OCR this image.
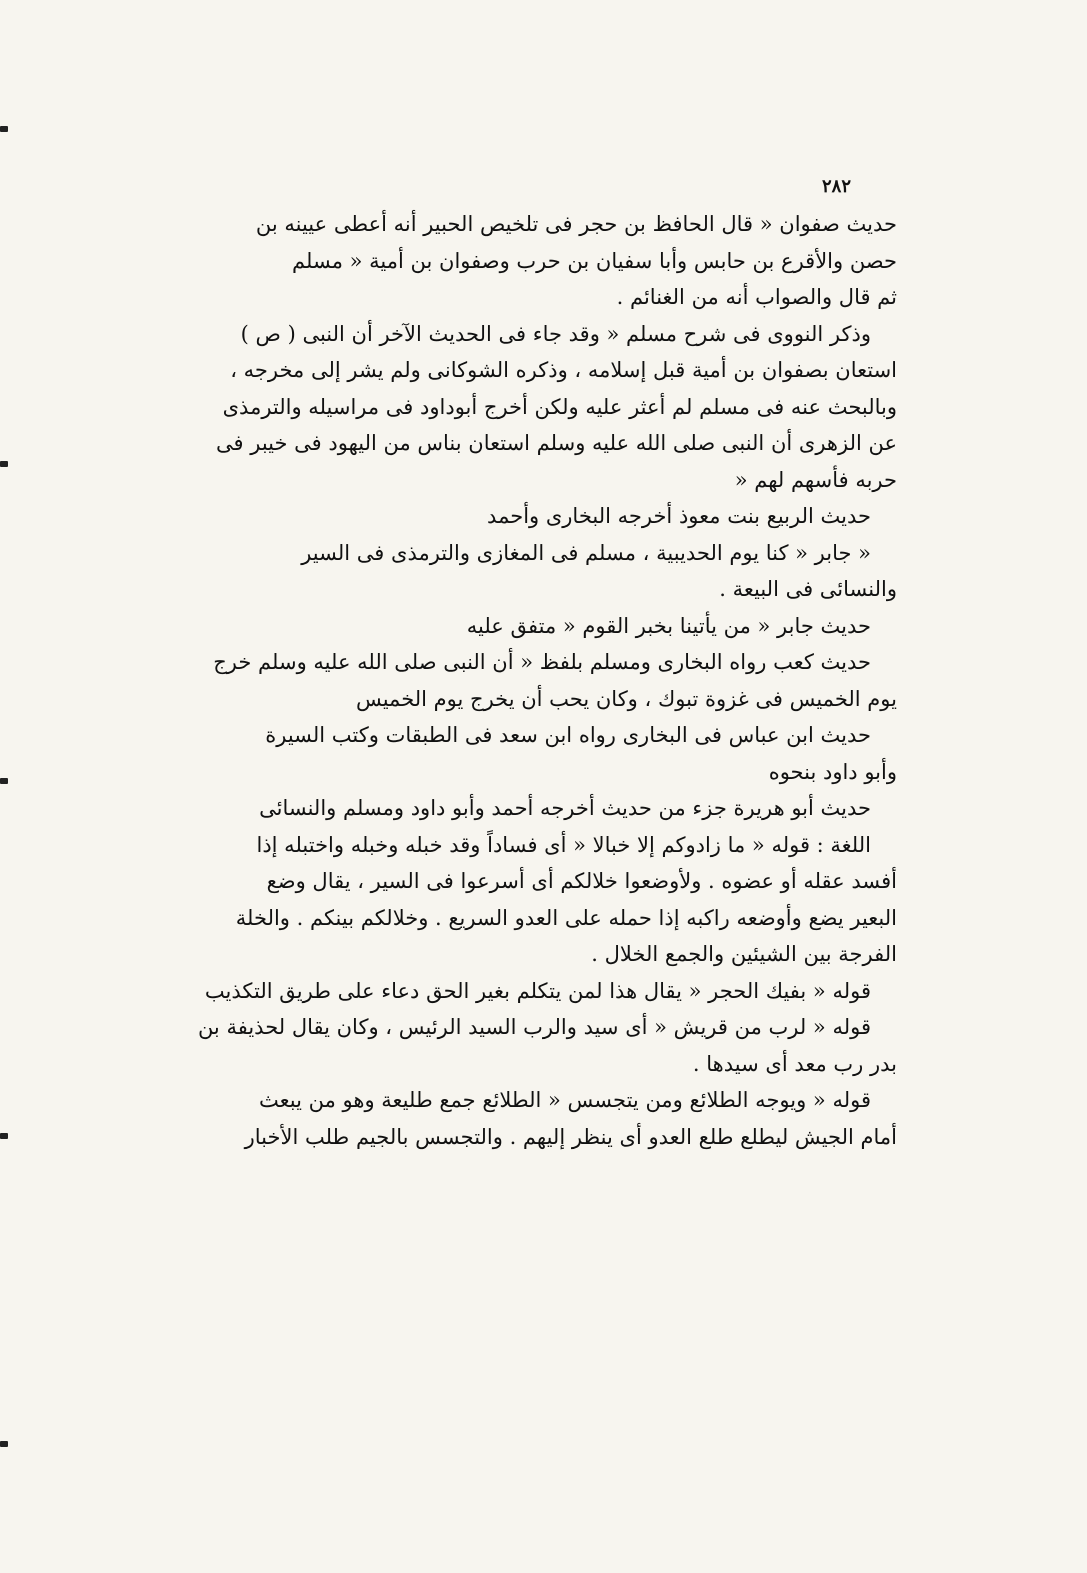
٢٨٢
حديث صفوان « قال الحافظ بن حجر فى تلخيص الحبير أنه أعطى عيينه بن
حصن والأقرع بن حابس وأبا سفيان بن حرب وصفوان بن أمية « مسلم
ثم قال والصواب أنه من الغنائم .
وذكر النووى فى شرح مسلم « وقد جاء فى الحديث الآخر أن النبى ( ص )
استعان بصفوان بن أمية قبل إسلامه ، وذكره الشوكانى ولم يشر إلى مخرجه ،
وبالبحث عنه فى مسلم لم أعثر عليه ولكن أخرج أبوداود فى مراسيله والترمذى
عن الزهرى أن النبى صلى الله عليه وسلم استعان بناس من اليهود فى خيبر فى
حربه فأسهم لهم «
حديث الربيع بنت معوذ أخرجه البخارى وأحمد
« جابر « كنا يوم الحديبية ، مسلم فى المغازى والترمذى فى السير
والنسائى فى البيعة .
حديث جابر « من يأتينا بخبر القوم « متفق عليه
حديث كعب رواه البخارى ومسلم بلفظ « أن النبى صلى الله عليه وسلم خرج
يوم الخميس فى غزوة تبوك ، وكان يحب أن يخرج يوم الخميس
حديث ابن عباس فى البخارى رواه ابن سعد فى الطبقات وكتب السيرة
وأبو داود بنحوه
حديث أبو هريرة جزء من حديث أخرجه أحمد وأبو داود ومسلم والنسائى
اللغة : قوله « ما زادوكم إلا خبالا « أى فساداً وقد خبله وخبله واختبله إذا
أفسد عقله أو عضوه . ولأوضعوا خلالكم أى أسرعوا فى السير ، يقال وضع
البعير يضع وأوضعه راكبه إذا حمله على العدو السريع . وخلالكم بينكم . والخلة
الفرجة بين الشيئين والجمع الخلال .
قوله « بفيك الحجر « يقال هذا لمن يتكلم بغير الحق دعاء على طريق التكذيب
قوله « لرب من قريش « أى سيد والرب السيد الرئيس ، وكان يقال لحذيفة بن
بدر رب معد أى سيدها .
قوله « ويوجه الطلائع ومن يتجسس « الطلائع جمع طليعة وهو من يبعث
أمام الجيش ليطلع طلع العدو أى ينظر إليهم . والتجسس بالجيم طلب الأخبار
